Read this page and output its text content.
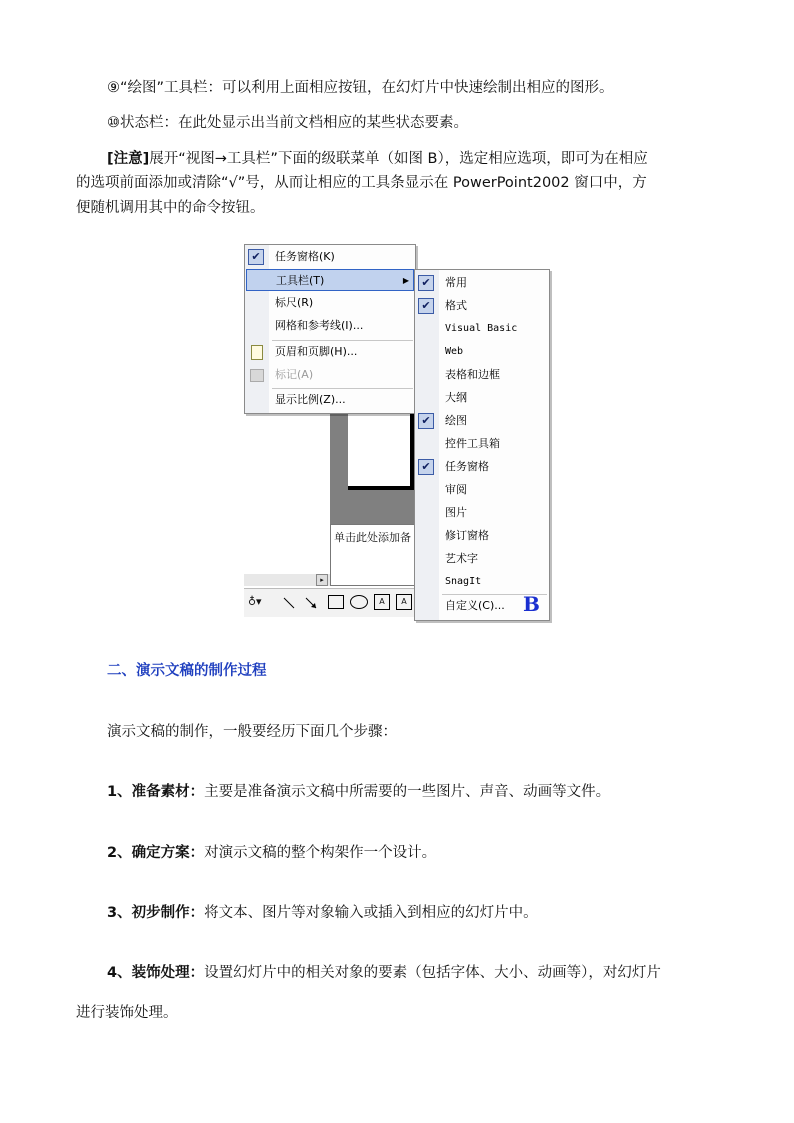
⑨“绘图”工具栏：可以利用上面相应按钮，在幻灯片中快速绘制出相应的图形。
⑩状态栏：在此处显示出当前文档相应的某些状态要素。
[注意]展开“视图→工具栏”下面的级联菜单（如图 B），选定相应选项，即可为在相应
的选项前面添加或清除“√”号，从而让相应的工具条显示在 PowerPoint2002 窗口中，方
便随机调用其中的命令按钮。
单击此处添加备
▸
♁▾	A	A
✔	任务窗格(K)
工具栏(T)	▶
标尺(R)
网格和参考线(I)...
页眉和页脚(H)...
标记(A)
显示比例(Z)...
✔	常用
✔	格式
Visual Basic
Web
表格和边框
大纲
✔	绘图
控件工具箱
✔	任务窗格
审阅
图片
修订窗格
艺术字
SnagIt
自定义(C)... B
二、演示文稿的制作过程
演示文稿的制作，一般要经历下面几个步骤：
1、准备素材：主要是准备演示文稿中所需要的一些图片、声音、动画等文件。
2、确定方案：对演示文稿的整个构架作一个设计。
3、初步制作：将文本、图片等对象输入或插入到相应的幻灯片中。
4、装饰处理：设置幻灯片中的相关对象的要素（包括字体、大小、动画等），对幻灯片
进行装饰处理。
